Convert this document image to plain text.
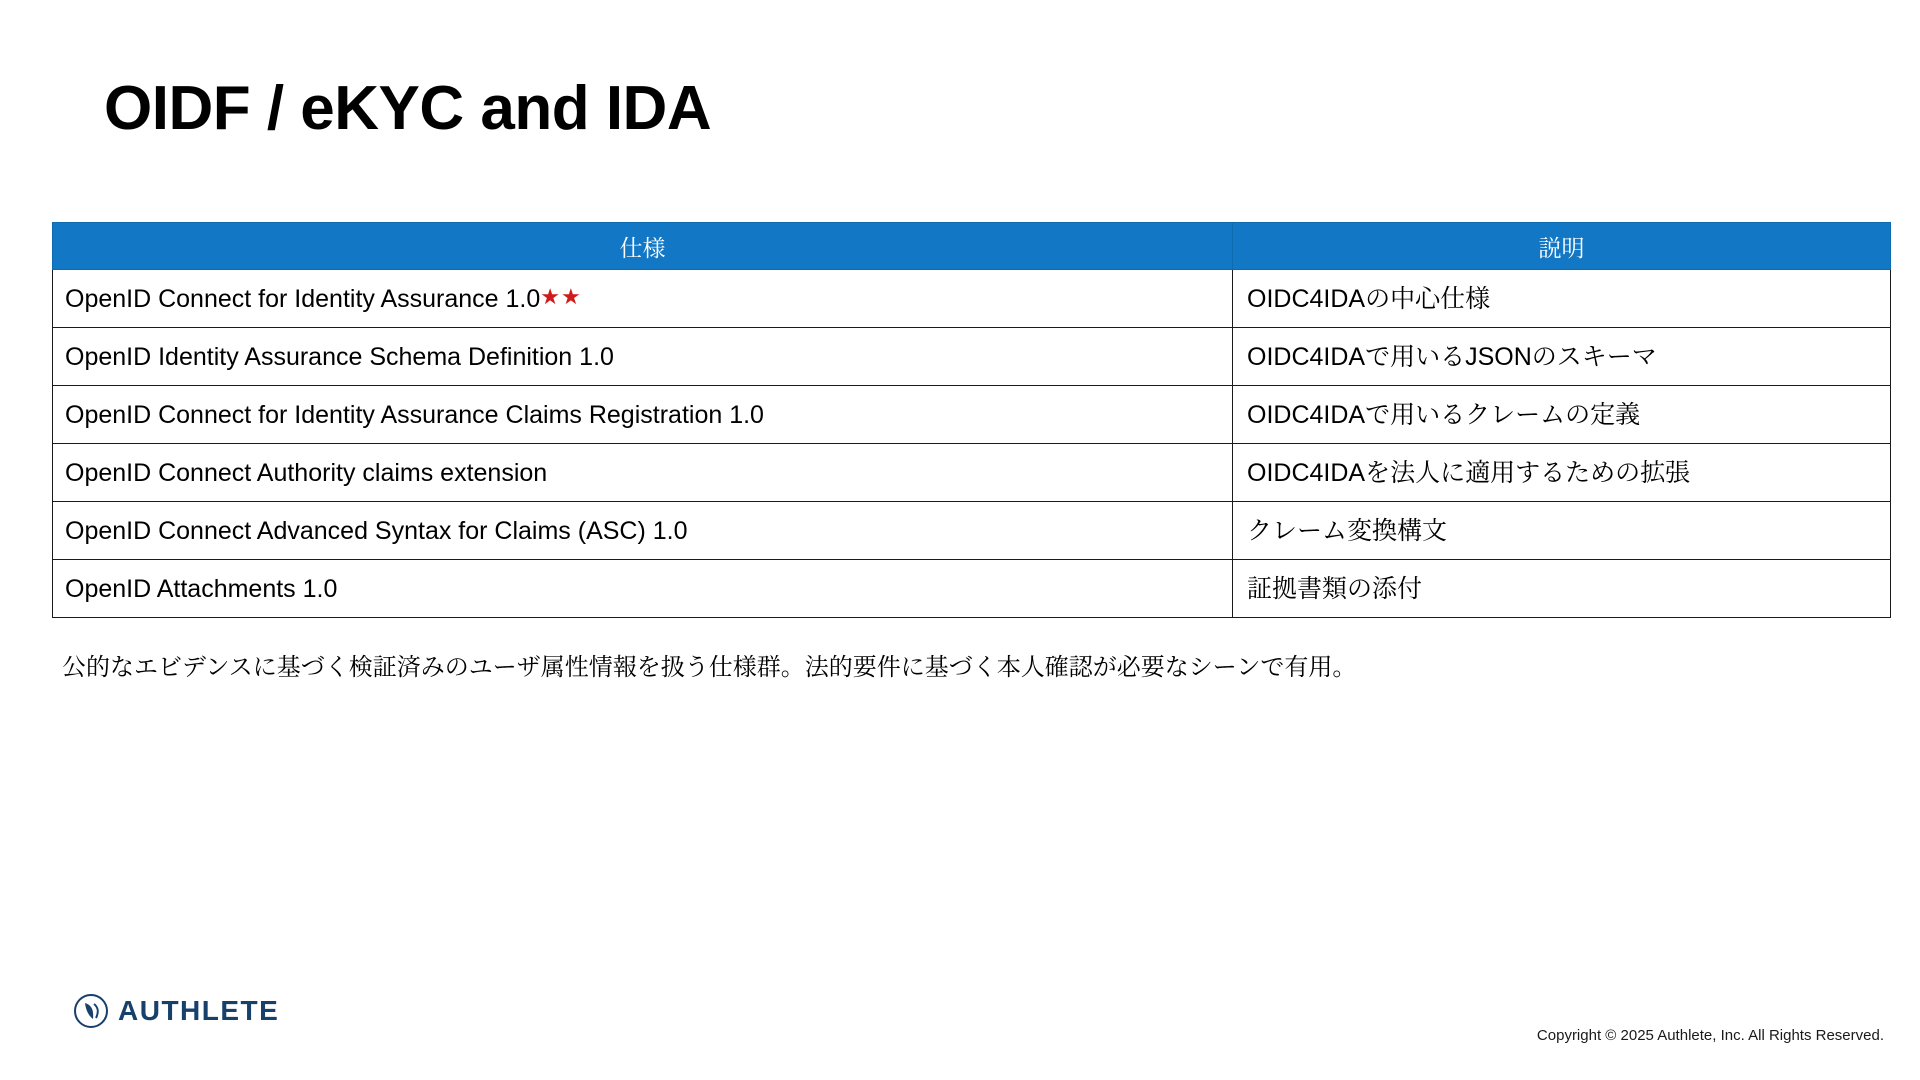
OIDF / eKYC and IDA
仕様	説明

OpenID Connect for Identity Assurance 1.0★★	OIDC4IDAの中心仕様

OpenID Identity Assurance Schema Definition 1.0	OIDC4IDAで用いるJSONのスキーマ

OpenID Connect for Identity Assurance Claims Registration 1.0	OIDC4IDAで用いるクレームの定義

OpenID Connect Authority claims extension	OIDC4IDAを法人に適用するための拡張

OpenID Connect Advanced Syntax for Claims (ASC) 1.0	クレーム変換構文

OpenID Attachments 1.0	証拠書類の添付
公的なエビデンスに基づく検証済みのユーザ属性情報を扱う仕様群。法的要件に基づく本人確認が必要なシーンで有用。
AUTHLETE
Copyright © 2025 Authlete, Inc. All Rights Reserved.
